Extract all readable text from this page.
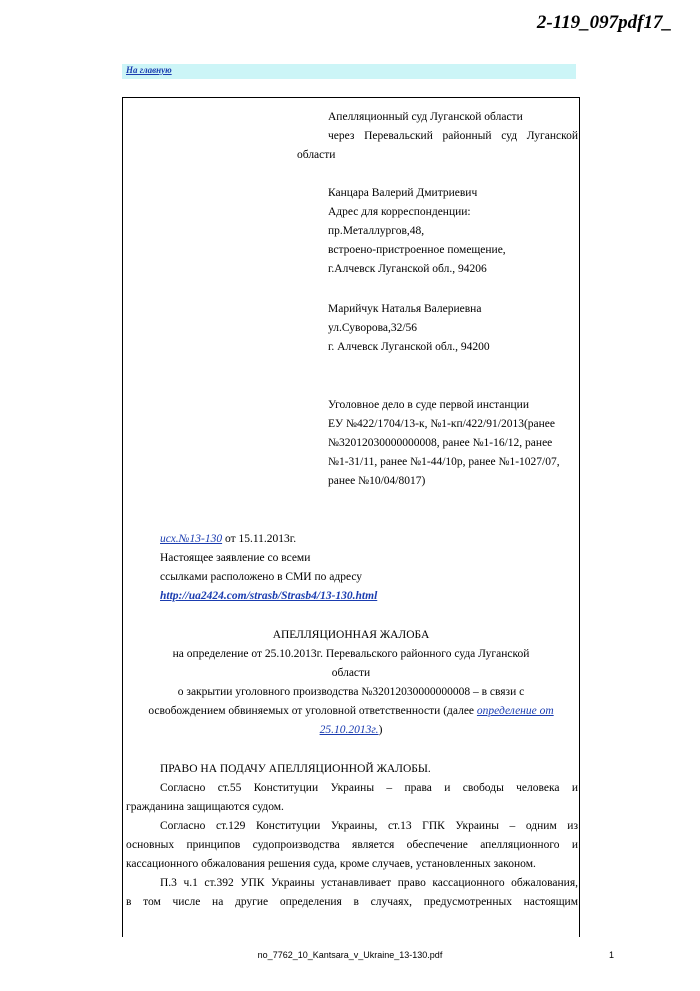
2-119_097pdf17_
На главную
Апелляционный суд Луганской области
через Перевальский районный суд Луганской
области
Канцара Валерий Дмитриевич
Адрес для корреспонденции:
пр.Металлургов,48,
встроено-пристроенное помещение,
г.Алчевск Луганской обл., 94206
Марийчук Наталья Валериевна
ул.Суворова,32/56
г. Алчевск Луганской обл., 94200
Уголовное дело в суде первой инстанции
ЕУ №422/1704/13-к, №1-кп/422/91/2013(ранее
№32012030000000008, ранее №1-16/12, ранее
№1-31/11, ранее №1-44/10р, ранее №1-1027/07,
ранее №10/04/8017)
исх.№13-130 от 15.11.2013г.
Настоящее заявление со всеми
ссылками расположено в СМИ по адресу
http://ua2424.com/strasb/Strasb4/13-130.html
АПЕЛЛЯЦИОННАЯ ЖАЛОБА
на определение от 25.10.2013г. Перевальского районного суда Луганской
области
о закрытии уголовного производства №32012030000000008 – в связи с
освобождением обвиняемых от уголовной ответственности (далее определение от
25.10.2013г.)
ПРАВО НА ПОДАЧУ АПЕЛЛЯЦИОННОЙ ЖАЛОБЫ.
Согласно ст.55 Конституции Украины – права и свободы человека и
гражданина защищаются судом.
Согласно ст.129 Конституции Украины, ст.13 ГПК Украины – одним из
основных принципов судопроизводства является обеспечение апелляционного и
кассационного обжалования решения суда, кроме случаев, установленных законом.
П.3 ч.1 ст.392 УПК Украины устанавливает право кассационного обжалования,
в том числе на другие определения в случаях, предусмотренных настоящим
no_7762_10_Kantsara_v_Ukraine_13-130.pdf	1
